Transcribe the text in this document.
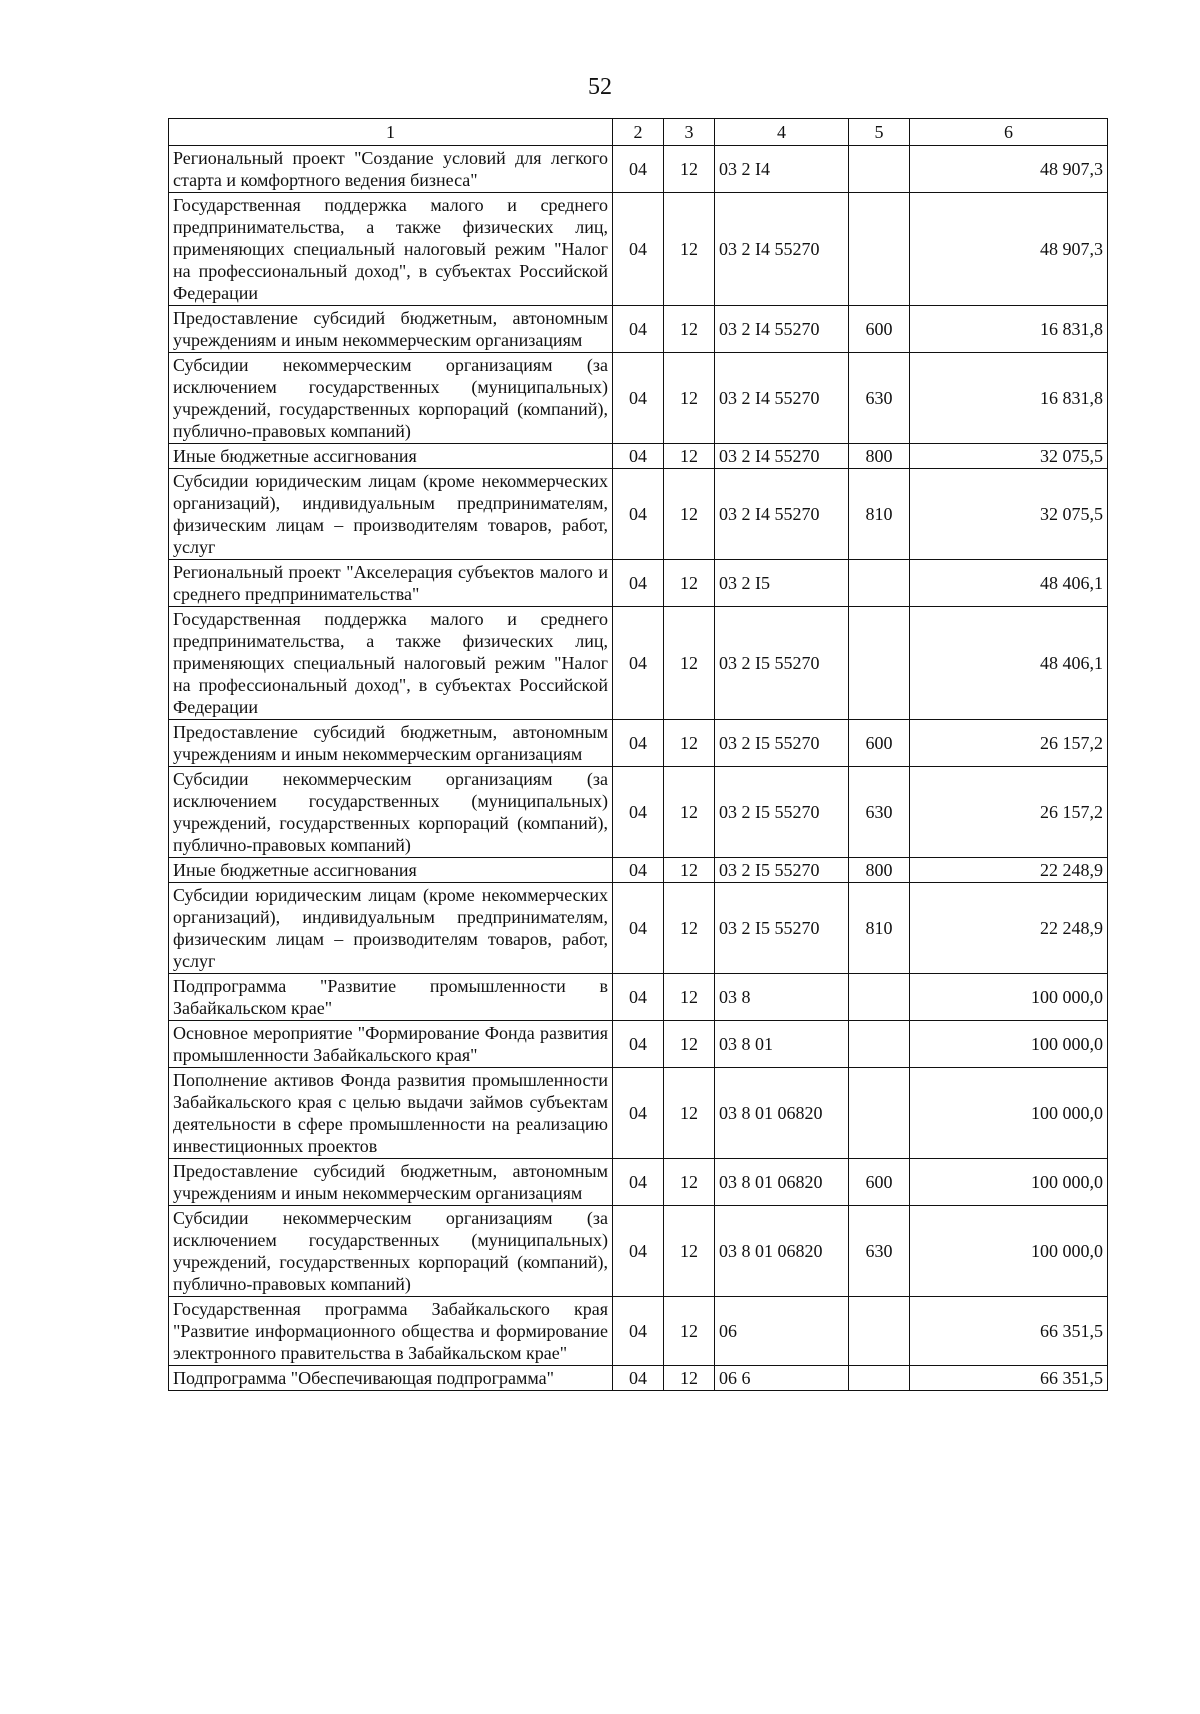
52
1	2	3	4	5	6
Региональный проект "Создание условий для легкого старта и комфортного ведения бизнеса"	04	12	03 2 I4		48 907,3
Государственная поддержка малого и среднего предпринимательства, а также физических лиц, применяющих специальный налоговый режим "Налог на профессиональный доход", в субъектах Российской Федерации	04	12	03 2 I4 55270		48 907,3
Предоставление субсидий бюджетным, автономным учреждениям и иным некоммерческим организациям	04	12	03 2 I4 55270	600	16 831,8
Субсидии некоммерческим организациям (за исключением государственных (муниципальных) учреждений, государственных корпораций (компаний), публично-правовых компаний)	04	12	03 2 I4 55270	630	16 831,8
Иные бюджетные ассигнования	04	12	03 2 I4 55270	800	32 075,5
Субсидии юридическим лицам (кроме некоммерческих организаций), индивидуальным предпринимателям, физическим лицам – производителям товаров, работ, услуг	04	12	03 2 I4 55270	810	32 075,5
Региональный проект "Акселерация субъектов малого и среднего предпринимательства"	04	12	03 2 I5		48 406,1
Государственная поддержка малого и среднего предпринимательства, а также физических лиц, применяющих специальный налоговый режим "Налог на профессиональный доход", в субъектах Российской Федерации	04	12	03 2 I5 55270		48 406,1
Предоставление субсидий бюджетным, автономным учреждениям и иным некоммерческим организациям	04	12	03 2 I5 55270	600	26 157,2
Субсидии некоммерческим организациям (за исключением государственных (муниципальных) учреждений, государственных корпораций (компаний), публично-правовых компаний)	04	12	03 2 I5 55270	630	26 157,2
Иные бюджетные ассигнования	04	12	03 2 I5 55270	800	22 248,9
Субсидии юридическим лицам (кроме некоммерческих организаций), индивидуальным предпринимателям, физическим лицам – производителям товаров, работ, услуг	04	12	03 2 I5 55270	810	22 248,9
Подпрограмма "Развитие промышленности в Забайкальском крае"	04	12	03 8		100 000,0
Основное мероприятие "Формирование Фонда развития промышленности Забайкальского края"	04	12	03 8 01		100 000,0
Пополнение активов Фонда развития промышленности Забайкальского края с целью выдачи займов субъектам деятельности в сфере промышленности на реализацию инвестиционных проектов	04	12	03 8 01 06820		100 000,0
Предоставление субсидий бюджетным, автономным учреждениям и иным некоммерческим организациям	04	12	03 8 01 06820	600	100 000,0
Субсидии некоммерческим организациям (за исключением государственных (муниципальных) учреждений, государственных корпораций (компаний), публично-правовых компаний)	04	12	03 8 01 06820	630	100 000,0
Государственная программа Забайкальского края "Развитие информационного общества и формирование электронного правительства в Забайкальском крае"	04	12	06		66 351,5
Подпрограмма "Обеспечивающая подпрограмма"	04	12	06 6		66 351,5
